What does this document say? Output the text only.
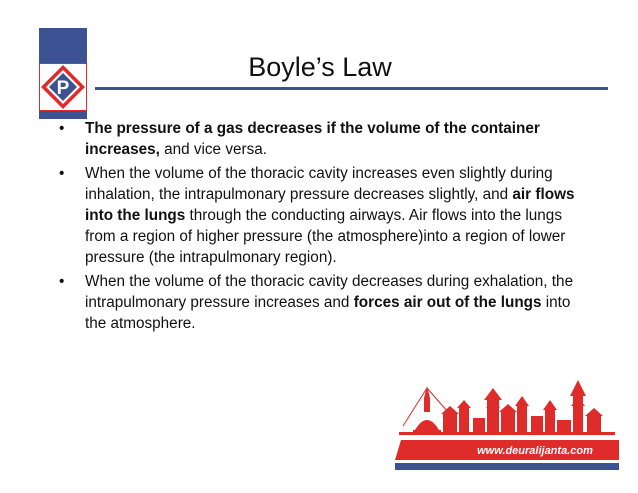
P
Boyle’s Law
• The pressure of a gas decreases if the volume of the container increases, and vice versa.
• When the volume of the thoracic cavity increases even slightly during inhalation, the intrapulmonary pressure decreases slightly, and air flows into the lungs through the conducting airways. Air flows into the lungs from a region of higher pressure (the atmosphere)into a region of lower pressure (the intrapulmonary region).
• When the volume of the thoracic cavity decreases during exhalation, the intrapulmonary pressure increases and forces air out of the lungs into the atmosphere.
www.deuralijanta.com
